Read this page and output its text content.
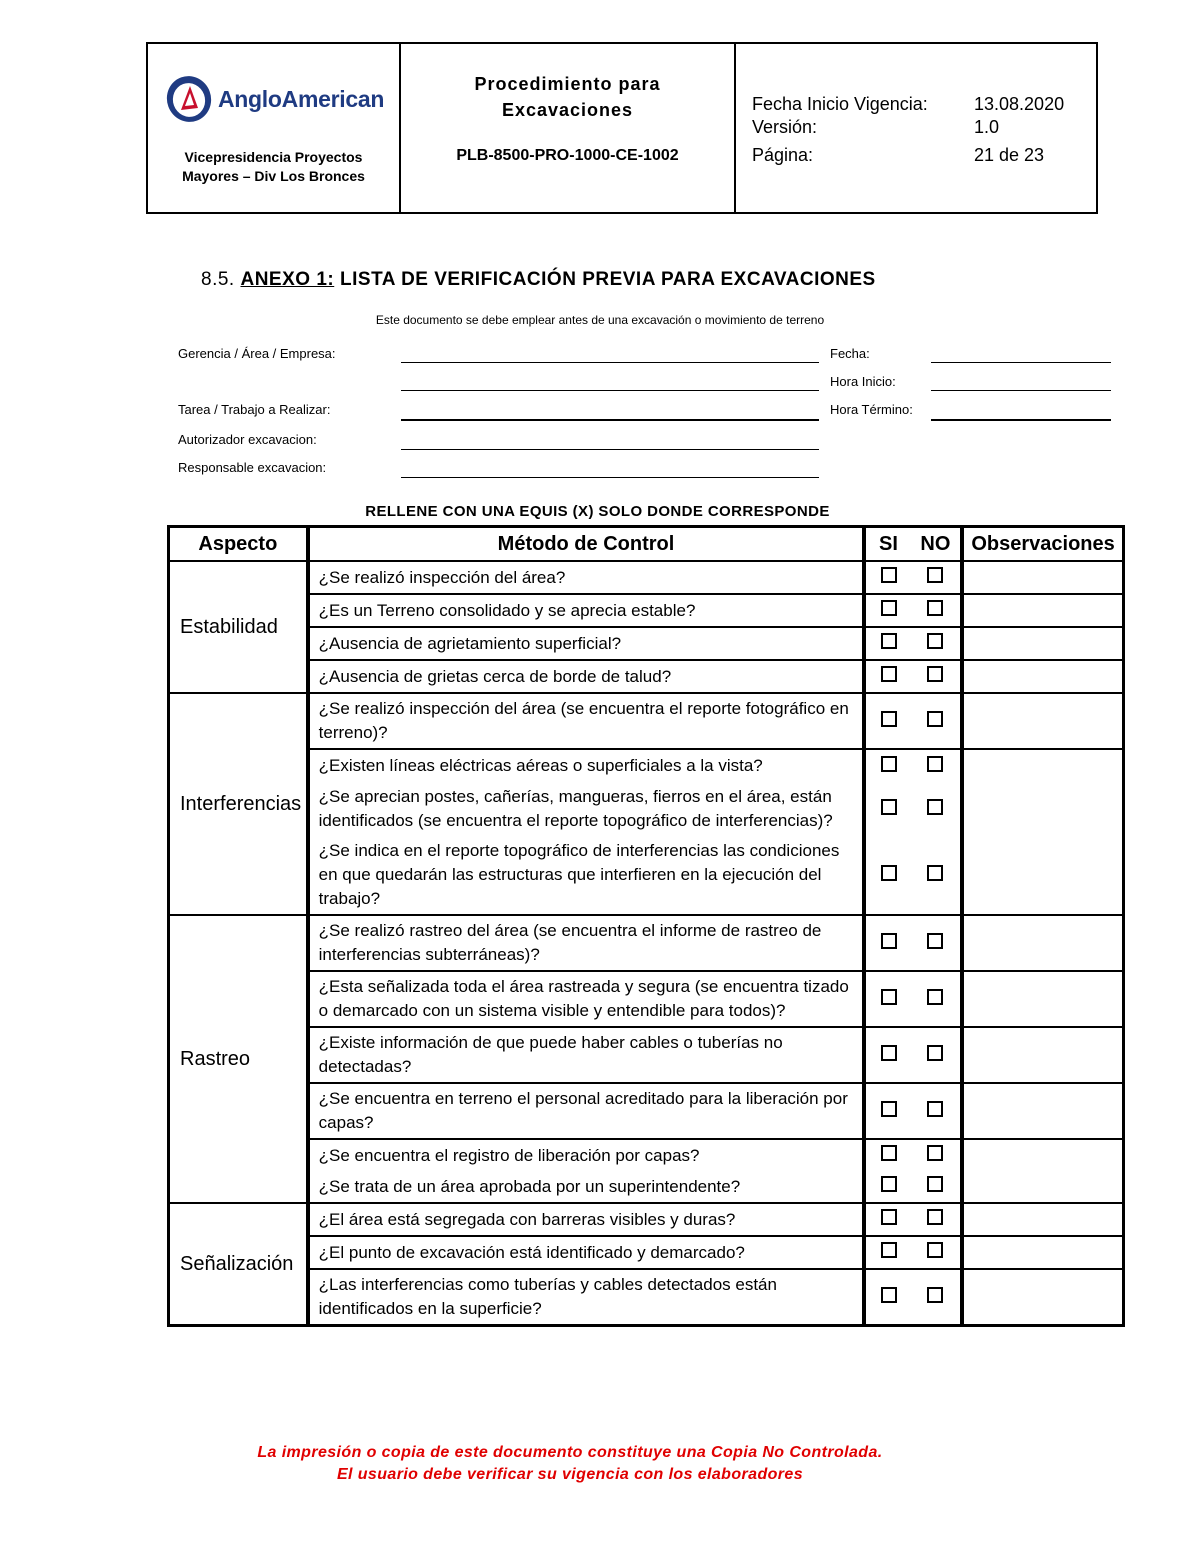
AngloAmerican
Vicepresidencia Proyectos
Mayores – Div Los Bronces
Procedimiento para
Excavaciones
PLB-8500-PRO-1000-CE-1002
Fecha Inicio Vigencia:	13.08.2020
Versión:	1.0
Página:	21 de 23
8.5. ANEXO 1: LISTA DE VERIFICACIÓN PREVIA PARA EXCAVACIONES
Este documento se debe emplear antes de una excavación o movimiento de terreno
Gerencia / Área / Empresa:
Tarea / Trabajo a Realizar:
Autorizador excavacion:
Responsable excavacion:
Fecha:
Hora Inicio:
Hora Término:
RELLENE CON UNA EQUIS (X) SOLO DONDE CORRESPONDE
Aspecto	Método de Control	SI	NO	Observaciones
Estabilidad	¿Se realizó inspección del área?			
	¿Es un Terreno consolidado y se aprecia estable?			
	¿Ausencia de agrietamiento superficial?			
	¿Ausencia de grietas cerca de borde de talud?			
Interferencias	¿Se realizó inspección del área (se encuentra el reporte fotográfico en terreno)?			
	¿Existen líneas eléctricas aéreas o superficiales a la vista?			
	¿Se aprecian postes, cañerías, mangueras, fierros en el área, están identificados (se encuentra el reporte topográfico de interferencias)?			
	¿Se indica en el reporte topográfico de interferencias las condiciones en que quedarán las estructuras que interfieren en la ejecución del trabajo?			
Rastreo	¿Se realizó rastreo del área (se encuentra el informe de rastreo de interferencias subterráneas)?			
	¿Esta señalizada toda el área rastreada y segura (se encuentra tizado o demarcado con un sistema visible y entendible para todos)?			
	¿Existe información de que puede haber cables o tuberías no detectadas?			
	¿Se encuentra en terreno el personal acreditado para la liberación por capas?			
	¿Se encuentra el registro de liberación por capas?			
	¿Se trata de un área aprobada por un superintendente?			
Señalización	¿El área está segregada con barreras visibles y duras?			
	¿El punto de excavación está identificado y demarcado?			
	¿Las interferencias como tuberías y cables detectados están identificados en la superficie?			
La impresión o copia de este documento constituye una Copia No Controlada.
El usuario debe verificar su vigencia con los elaboradores
